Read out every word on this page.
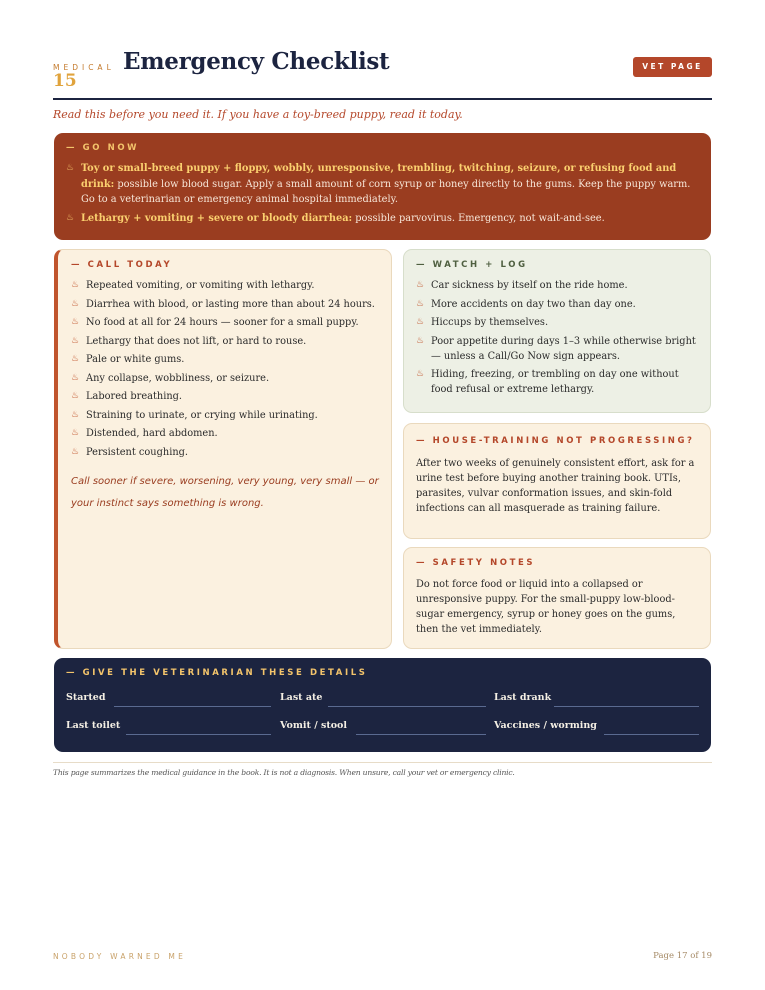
MEDICAL
15
Emergency Checklist	VET PAGE
Read this before you need it. If you have a toy-breed puppy, read it today.
— GO NOW
♨ Toy or small-breed puppy + floppy, wobbly, unresponsive, trembling, twitching, seizure, or refusing food and drink: possible low blood sugar. Apply a small amount of corn syrup or honey directly to the gums. Keep the puppy warm. Go to a veterinarian or emergency animal hospital immediately.
♨ Lethargy + vomiting + severe or bloody diarrhea: possible parvovirus. Emergency, not wait-and-see.
— CALL TODAY
♨ Repeated vomiting, or vomiting with lethargy.
♨ Diarrhea with blood, or lasting more than about 24 hours.
♨ No food at all for 24 hours — sooner for a small puppy.
♨ Lethargy that does not lift, or hard to rouse.
♨ Pale or white gums.
♨ Any collapse, wobbliness, or seizure.
♨ Labored breathing.
♨ Straining to urinate, or crying while urinating.
♨ Distended, hard abdomen.
♨ Persistent coughing.
Call sooner if severe, worsening, very young, very small — or your instinct says something is wrong.
— WATCH + LOG
♨ Car sickness by itself on the ride home.
♨ More accidents on day two than day one.
♨ Hiccups by themselves.
♨ Poor appetite during days 1–3 while otherwise bright — unless a Call/Go Now sign appears.
♨ Hiding, freezing, or trembling on day one without food refusal or extreme lethargy.
— HOUSE-TRAINING NOT PROGRESSING?
After two weeks of genuinely consistent effort, ask for a urine test before buying another training book. UTIs, parasites, vulvar conformation issues, and skin-fold infections can all masquerade as training failure.
— SAFETY NOTES
Do not force food or liquid into a collapsed or unresponsive puppy. For the small-puppy low-blood-sugar emergency, syrup or honey goes on the gums, then the vet immediately.
— GIVE THE VETERINARIAN THESE DETAILS
Started	Last ate	Last drank
Last toilet	Vomit / stool	Vaccines / worming
This page summarizes the medical guidance in the book. It is not a diagnosis. When unsure, call your vet or emergency clinic.
NOBODY WARNED ME	Page 17 of 19
